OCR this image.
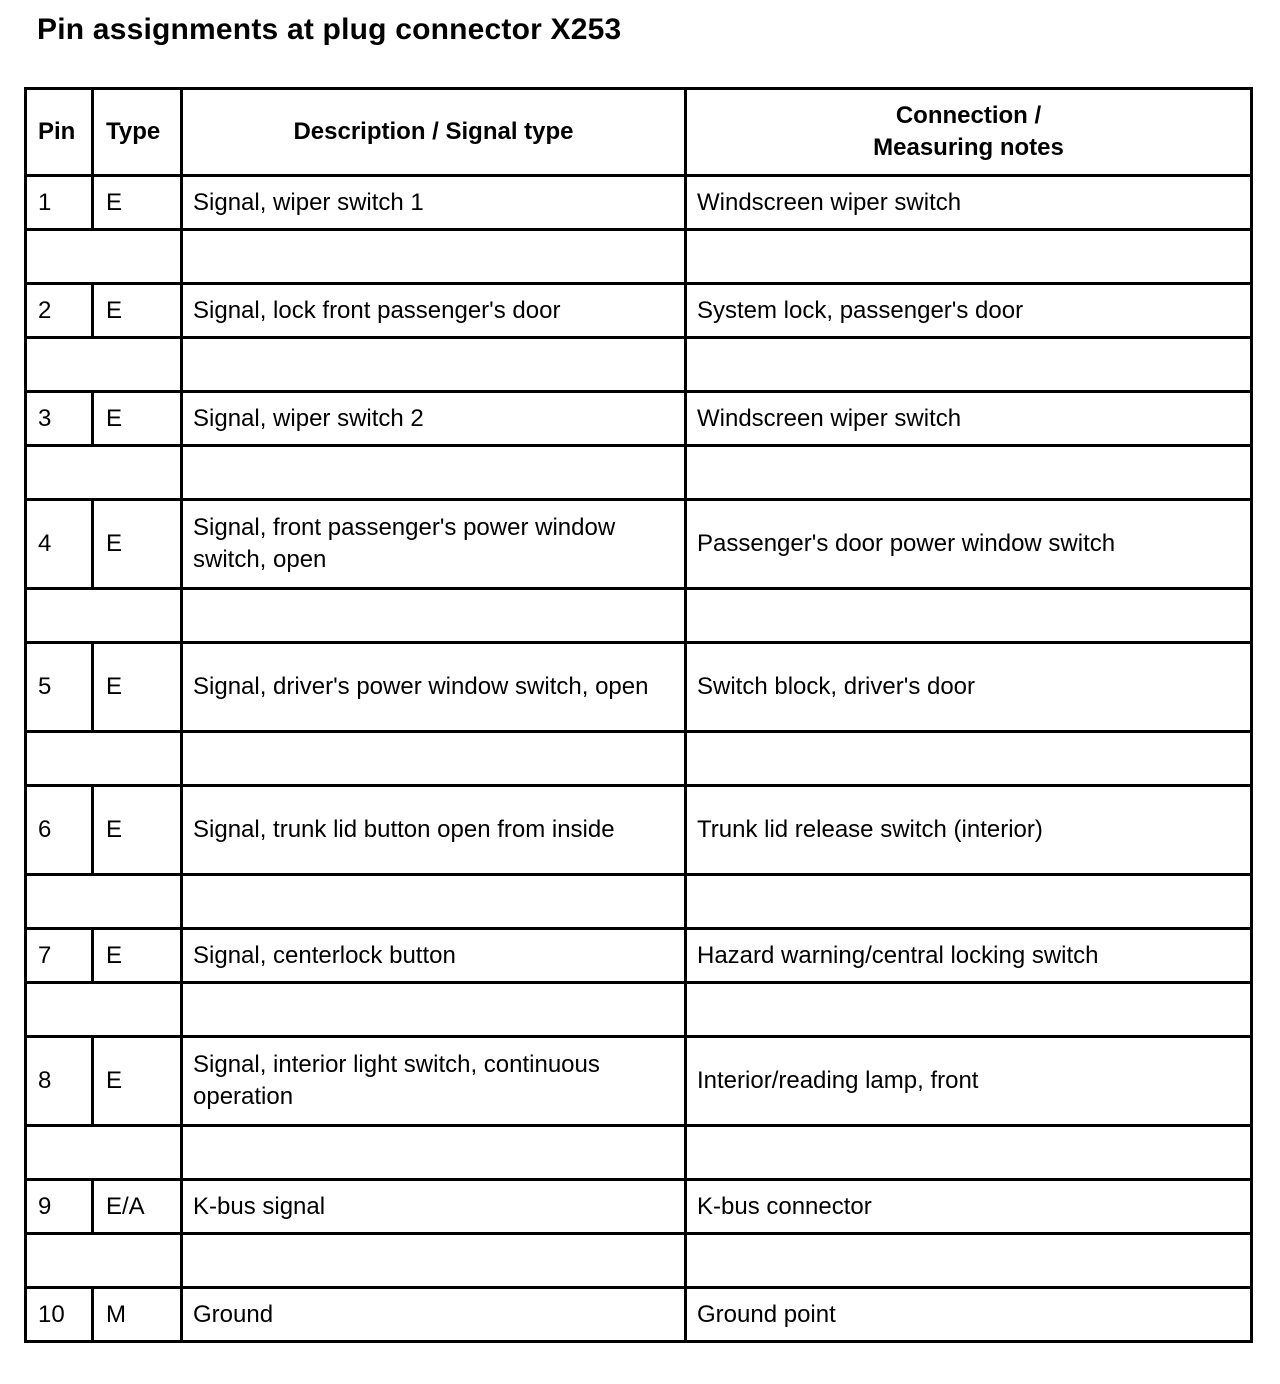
Pin assignments at plug connector X253
Pin	Type	Description / Signal type	Connection /
Measuring notes
1	E	Signal, wiper switch 1	Windscreen wiper switch

2	E	Signal, lock front passenger's door	System lock, passenger's door

3	E	Signal, wiper switch 2	Windscreen wiper switch

4	E	Signal, front passenger's power window switch, open	Passenger's door power window switch

5	E	Signal, driver's power window switch, open	Switch block, driver's door

6	E	Signal, trunk lid button open from inside	Trunk lid release switch (interior)

7	E	Signal, centerlock button	Hazard warning/central locking switch

8	E	Signal, interior light switch, continuous operation	Interior/reading lamp, front

9	E/A	K-bus signal	K-bus connector

10	M	Ground	Ground point
